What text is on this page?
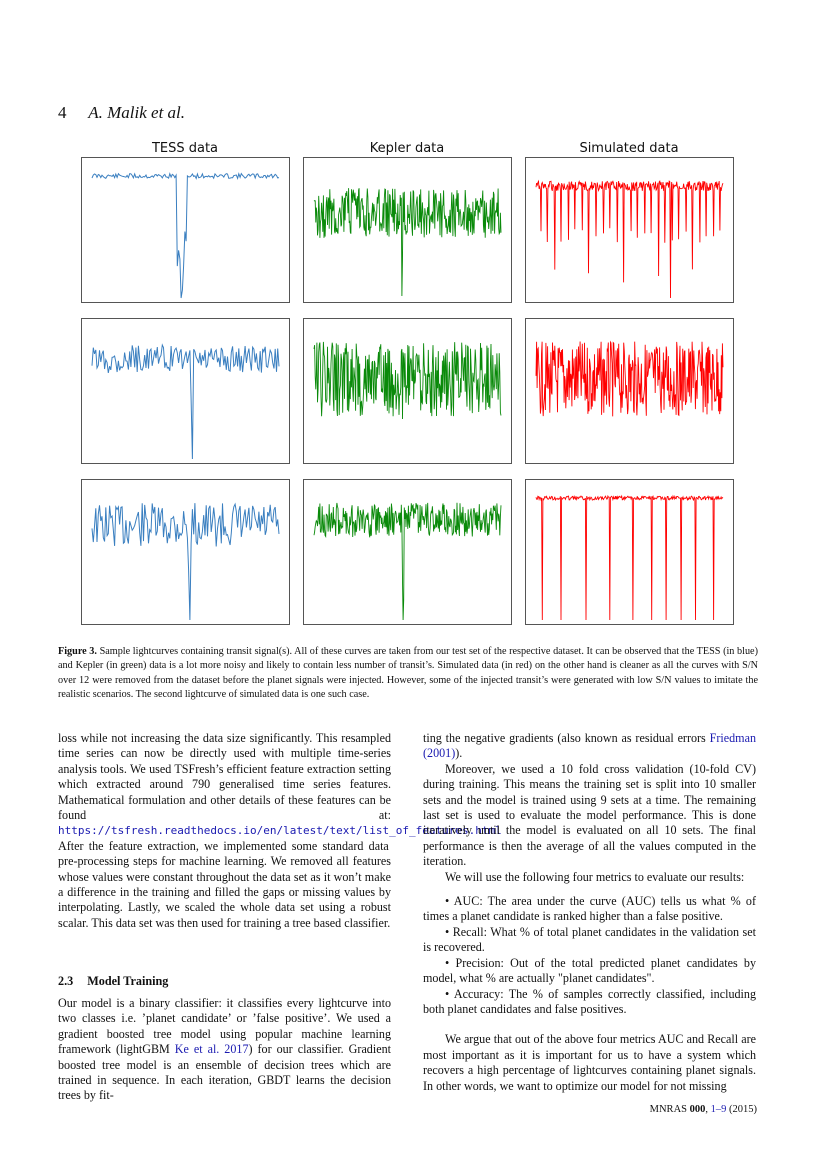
4 A. Malik et al.
TESS data	Kepler data	Simulated data
Figure 3. Sample lightcurves containing transit signal(s). All of these curves are taken from our test set of the respective dataset. It can be observed that the TESS (in blue) and Kepler (in green) data is a lot more noisy and likely to contain less number of transit’s. Simulated data (in red) on the other hand is cleaner as all the curves with S/N over 12 were removed from the dataset before the planet signals were injected. However, some of the injected transit’s were generated with low S/N values to imitate the realistic scenarios. The second lightcurve of simulated data is one such case.

loss while not increasing the data size significantly. This resampled time series can now be directly used with multiple time-series analysis tools. We used TSFresh’s efficient feature extraction setting which extracted around 790 generalised time series features. Mathematical formulation and other details of these features can be found at: https://tsfresh.readthedocs.io/en/latest/text/list_of_features.html After the feature extraction, we implemented some standard data pre-processing steps for machine learning. We removed all features whose values were constant throughout the data set as it won’t make a difference in the training and filled the gaps or missing values by interpolating. Lastly, we scaled the whole data set using a robust scalar. This data set was then used for training a tree based classifier.

2.3 Model Training

Our model is a binary classifier: it classifies every lightcurve into two classes i.e. ’planet candidate’ or ’false positive’. We used a gradient boosted tree model using popular machine learning framework (lightGBM Ke et al. 2017) for our classifier. Gradient boosted tree model is an ensemble of decision trees which are trained in sequence. In each iteration, GBDT learns the decision trees by fit-

ting the negative gradients (also known as residual errors Friedman (2001)).

Moreover, we used a 10 fold cross validation (10-fold CV) during training. This means the training set is split into 10 smaller sets and the model is trained using 9 sets at a time. The remaining last set is used to evaluate the model performance. This is done iteratively until the model is evaluated on all 10 sets. The final performance is then the average of all the values computed in the iteration.

We will use the following four metrics to evaluate our results:

• AUC: The area under the curve (AUC) tells us what % of times a planet candidate is ranked higher than a false positive.

• Recall: What % of total planet candidates in the validation set is recovered.

• Precision: Out of the total predicted planet candidates by model, what % are actually "planet candidates".

• Accuracy: The % of samples correctly classified, including both planet candidates and false positives.

We argue that out of the above four metrics AUC and Recall are most important as it is important for us to have a system which recovers a high percentage of lightcurves containing planet signals. In other words, we want to optimize our model for not missing

MNRAS 000, 1–9 (2015)
